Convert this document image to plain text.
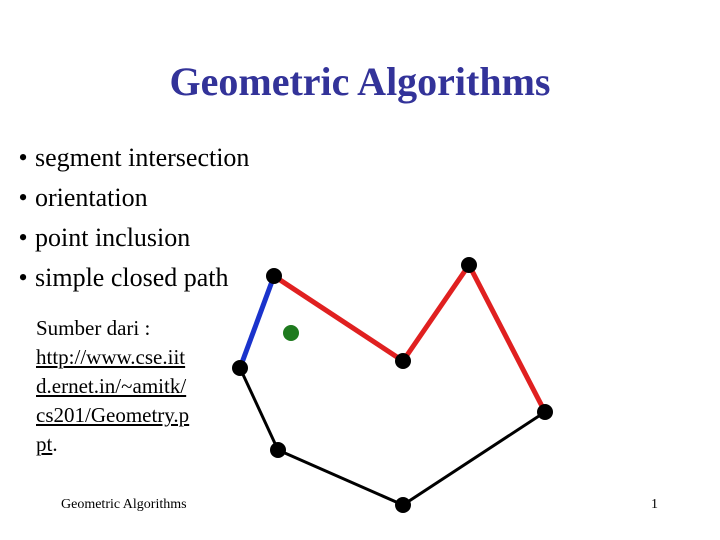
Geometric Algorithms
• segment intersection
• orientation
• point inclusion
• simple closed path
Sumber dari :
http://www.cse.iit
d.ernet.in/~amitk/
cs201/Geometry.p
pt.
Geometric Algorithms	1
